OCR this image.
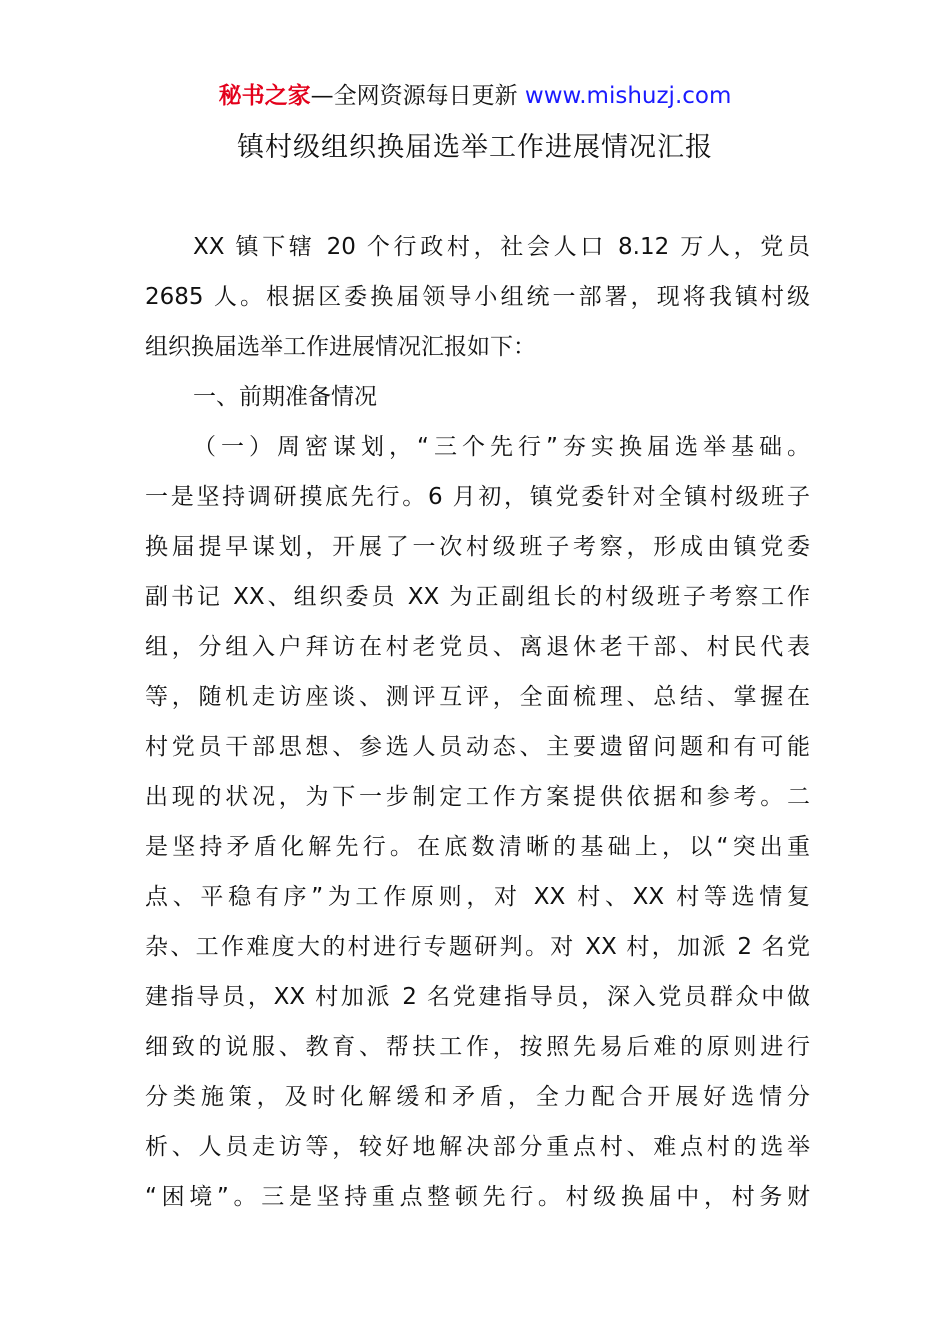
秘书之家—全网资源每日更新 www.mishuzj.com
镇村级组织换届选举工作进展情况汇报
XX 镇下辖 20 个行政村，社会人口 8.12 万人，党员
2685 人。根据区委换届领导小组统一部署，现将我镇村级
组织换届选举工作进展情况汇报如下：
一、前期准备情况
（一）周密谋划，“三个先行”夯实换届选举基础。
一是坚持调研摸底先行。6 月初，镇党委针对全镇村级班子
换届提早谋划，开展了一次村级班子考察，形成由镇党委
副书记 XX、组织委员 XX 为正副组长的村级班子考察工作
组，分组入户拜访在村老党员、离退休老干部、村民代表
等，随机走访座谈、测评互评，全面梳理、总结、掌握在
村党员干部思想、参选人员动态、主要遗留问题和有可能
出现的状况，为下一步制定工作方案提供依据和参考。二
是坚持矛盾化解先行。在底数清晰的基础上，以“突出重
点、平稳有序”为工作原则，对 XX 村、XX 村等选情复
杂、工作难度大的村进行专题研判。对 XX 村，加派 2 名党
建指导员，XX 村加派 2 名党建指导员，深入党员群众中做
细致的说服、教育、帮扶工作，按照先易后难的原则进行
分类施策，及时化解缓和矛盾，全力配合开展好选情分
析、人员走访等，较好地解决部分重点村、难点村的选举
“困境”。三是坚持重点整顿先行。村级换届中，村务财
